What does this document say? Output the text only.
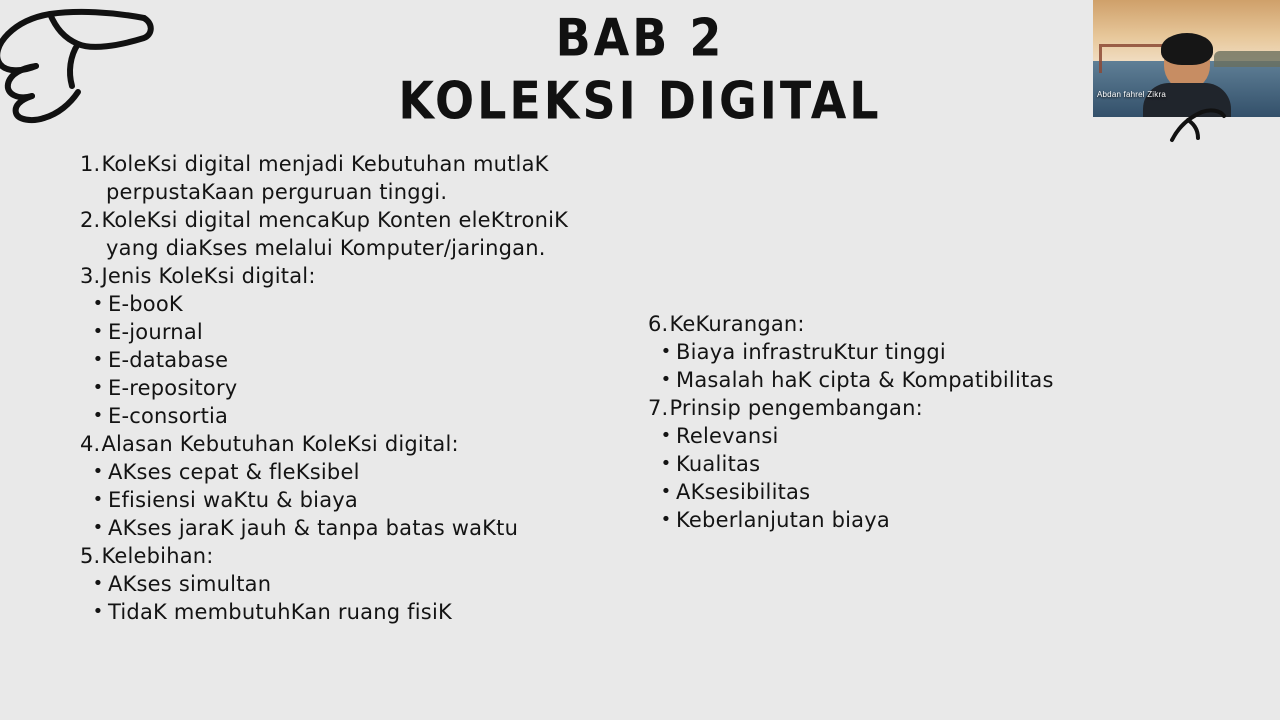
BAB 2
KOLEKSI DIGITAL	Abdan fahrel Zikra
1. KoleKsi digital menjadi Kebutuhan mutlaK
perpustaKaan perguruan tinggi.
2. KoleKsi digital mencaKup Konten eleKtroniK
yang diaKses melalui Komputer/jaringan.
3. Jenis KoleKsi digital:
• E-booK
• E-journal
• E-database
• E-repository
• E-consortia
4. Alasan Kebutuhan KoleKsi digital:
• AKses cepat & fleKsibel
• Efisiensi waKtu & biaya
• AKses jaraK jauh & tanpa batas waKtu
5. Kelebihan:
• AKses simultan
• TidaK membutuhKan ruang fisiK
6. KeKurangan:
• Biaya infrastruKtur tinggi
• Masalah haK cipta & Kompatibilitas
7. Prinsip pengembangan:
• Relevansi
• Kualitas
• AKsesibilitas
• Keberlanjutan biaya
